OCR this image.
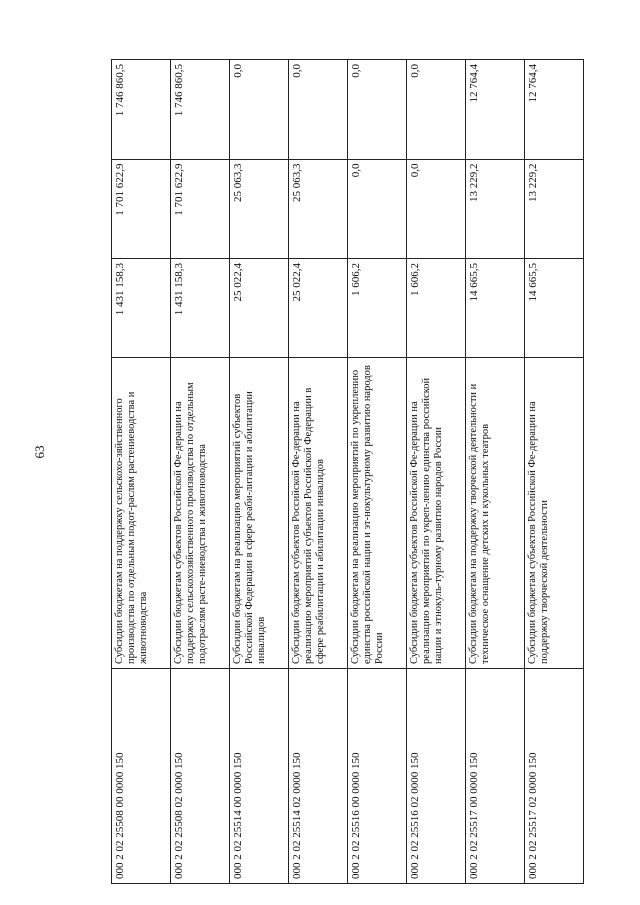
63
000 2 02 25508 00 0000 150	Субсидии бюджетам на поддержку сельскохо-зяйственного производства по отдельным подот-раслям растениеводства и животноводства	1 431 158,3	1 701 622,9	1 746 860,5
000 2 02 25508 02 0000 150	Субсидии бюджетам субъектов Российской Фе-дерации на поддержку сельскохозяйственного производства по отдельным подотраслям расте-ниеводства и животноводства	1 431 158,3	1 701 622,9	1 746 860,5
000 2 02 25514 00 0000 150	Субсидии бюджетам на реализацию мероприятий субъектов Российской Федерации в сфере реаби-литации и абилитации инвалидов	25 022,4	25 063,3	0,0
000 2 02 25514 02 0000 150	Субсидии бюджетам субъектов Российской Фе-дерации на реализацию мероприятий субъектов Российской Федерации в сфере реабилитации и абилитации инвалидов	25 022,4	25 063,3	0,0
000 2 02 25516 00 0000 150	Субсидии бюджетам на реализацию мероприятий по укреплению единства российской нации и эт-нокультурному развитию народов России	1 606,2	0,0	0,0
000 2 02 25516 02 0000 150	Субсидии бюджетам субъектов Российской Фе-дерации на реализацию мероприятий по укреп-лению единства российской нации и этнокуль-турному развитию народов России	1 606,2	0,0	0,0
000 2 02 25517 00 0000 150	Субсидии бюджетам на поддержку творческой деятельности и техническое оснащение детских и кукольных театров	14 665,5	13 229,2	12 764,4
000 2 02 25517 02 0000 150	Субсидии бюджетам субъектов Российской Фе-дерации на поддержку творческой деятельности	14 665,5	13 229,2	12 764,4
